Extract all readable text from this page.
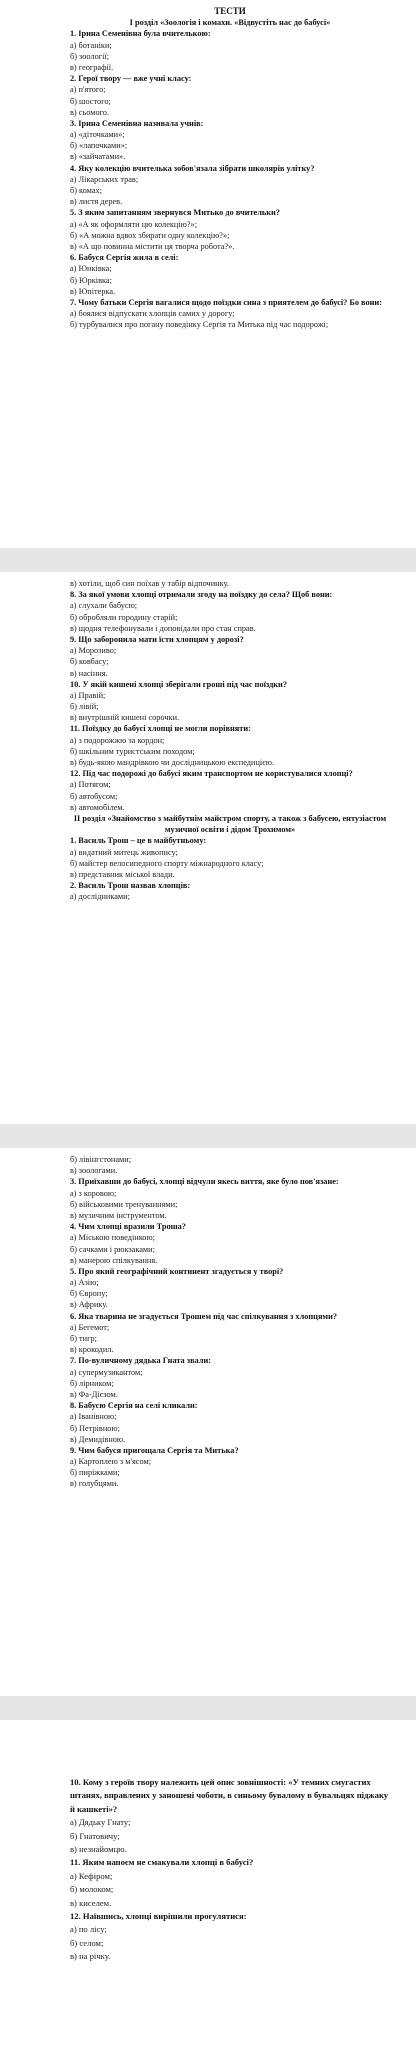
ТЕСТИ

І розділ «Зоологія і комахи. «Відвустіть нас до бабусі»

1. Ірина Семенівна була вчителькою:

а) ботаніки;

б) зоології;

в) географії.

2. Герої твору — вже учні класу:

а) п'ятого;

б) шостого;

в) сьомого.

3. Ірина Семенівна називала учнів:

а) «діточками»;

б) «лапочками»;

в) «зайчатами».

4. Яку колекцію вчителька зобов'язала зібрати школярів улітку?

а) Лікарських трав;

б) комах;

в) листя дерев.

5. З яким запитанням звернувся Митько до вчительки?

а) «А як оформляти цю колекцію?»;

б) «А можна вдвох збирати одну колекцію?»;

в) «А що повинна містити ця творча робота?».

6. Бабуся Сергія жила в селі:

а) Юнківка;

б) Юрківка;

в) Юпітерка.

7. Чому батьки Сергія вагалися щодо поїздки сина з приятелем до бабусі? Бо вони:

а) боялися відпускати хлопців самих у дорогу;

б) турбувалися про погану поведінку Сергія та Митька під час подорожі;

в) хотіли, щоб син поїхав у табір відпочинку.

8. За якої умови хлопці отримали згоду на поїздку до села? Щоб вони:

а) слухали бабусю;

б) обробляли городину старій;

в) щодня телефонували і доповідали про стан справ.

9. Що заборонила мати їсти хлопцям у дорозі?

а) Морозиво;

б) ковбасу;

в) насіння.

10. У якій кишені хлопці зберігали гроші під час поїздки?

а) Правій;

б) лівій;

в) внутрішній кишені сорочки.

11. Поїздку до бабусі хлопці не могли порівняти:

а) з подорожжю за кордон;

б) шкільним туристським походом;

в) будь-якою мандрівкою чи дослідницькою експедицією.

12. Під час подорожі до бабусі яким транспортом не користувалися хлопці?

а) Потягом;

б) автобусом;

в) автомобілем.

ІІ розділ «Знайомство з майбутнім майстром спорту, а також з бабусею, ентузіастом музичної освіти і дідом Трохимом»

1. Василь Трош – це в майбутньому:

а) видатний митець живопису;

б) майстер велосипедного спорту міжнародного класу;

в) представник міської влади.

2. Василь Трош назвав хлопців:

а) дослідниками;

б) лівінгстонами;

в) зоологами.

3. Приїхавши до бабусі, хлопці відчули якесь виття, яке було пов'язане:

а) з коровою;

б) військовими тренуваннями;

в) музичним інструментом.

4. Чим хлопці вразили Троша?

а) Міською поведінкою;

б) сачками і рюкзаками;

в) манерою спілкування.

5. Про який географічний континент згадується у творі?

а) Азію;

б) Європу;

в) Африку.

6. Яка тварина не згадується Трошем під час спілкування з хлопцями?

а) Бегемот;

б) тигр;

в) крокодил.

7. По-вуличному дядька Гната звали:

а) супермузикантом;

б) лірником;

в) Фа-Дієзом.

8. Бабусю Сергія на селі кликали:

а) Іванівною;

б) Петрівною;

в) Демидівною.

9. Чим бабуся пригощала Сергія та Митька?

а) Картоплею з м'ясом;

б) пиріжками;

в) голубцями.

10. Кому з героїв твору належить цей опис зовнішності: «У темних смугастих штанях, вправлених у заношені чоботи, в синьому бувалому в бувальцях піджаку й кашкеті»?

а) Дядьку Гнату;

б) Гнатовичу;

в) незнайомцю.

11. Яким напоєм не смакували хлопці в бабусі?

а) Кефіром;

б) молоком;

в) киселем.

12. Наївшись, хлопці вирішили прогулятися:

а) по лісу;

б) селом;

в) на річку.
